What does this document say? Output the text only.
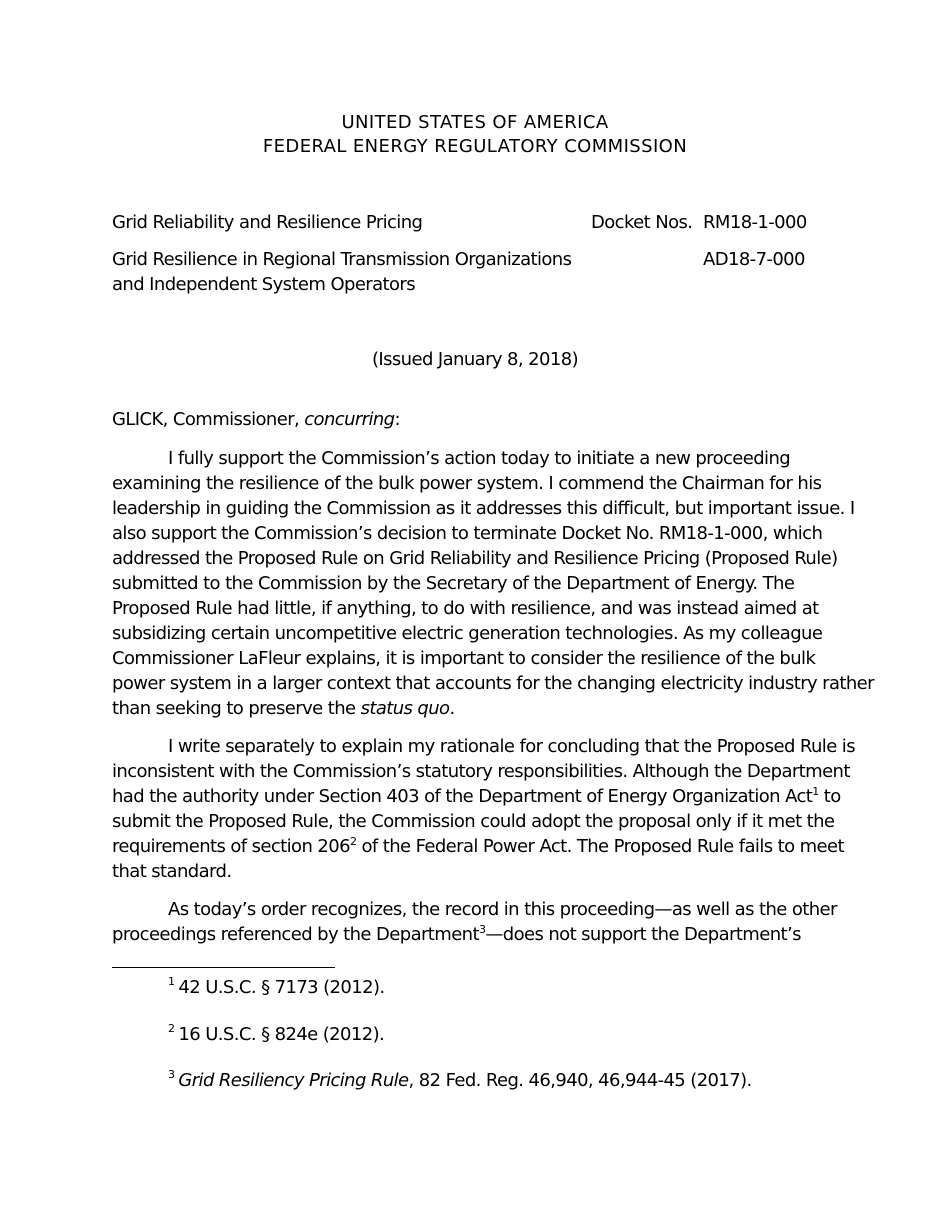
UNITED STATES OF AMERICA
FEDERAL ENERGY REGULATORY COMMISSION
Grid Reliability and Resilience Pricing	Docket Nos. RM18-1-000
Grid Resilience in Regional Transmission Organizations
and Independent System Operators
AD18-7-000
(Issued January 8, 2018)
GLICK, Commissioner, concurring:
I fully support the Commission’s action today to initiate a new proceeding
examining the resilience of the bulk power system. I commend the Chairman for his
leadership in guiding the Commission as it addresses this difficult, but important issue. I
also support the Commission’s decision to terminate Docket No. RM18-1-000, which
addressed the Proposed Rule on Grid Reliability and Resilience Pricing (Proposed Rule)
submitted to the Commission by the Secretary of the Department of Energy. The
Proposed Rule had little, if anything, to do with resilience, and was instead aimed at
subsidizing certain uncompetitive electric generation technologies. As my colleague
Commissioner LaFleur explains, it is important to consider the resilience of the bulk
power system in a larger context that accounts for the changing electricity industry rather
than seeking to preserve the status quo.
I write separately to explain my rationale for concluding that the Proposed Rule is
inconsistent with the Commission’s statutory responsibilities. Although the Department
had the authority under Section 403 of the Department of Energy Organization Act$^1$ to
submit the Proposed Rule, the Commission could adopt the proposal only if it met the
requirements of section $206^2$ of the Federal Power Act. The Proposed Rule fails to meet
that standard.
As today’s order recognizes, the record in this proceeding—as well as the other
proceedings referenced by the Department$^3$—does not support the Department’s
$^1$ 42 U.S.C. § 7173 (2012).
$^2$ 16 U.S.C. § 824e (2012).
$^3$ Grid Resiliency Pricing Rule, 82 Fed. Reg. 46,940, 46,944-45 (2017).
